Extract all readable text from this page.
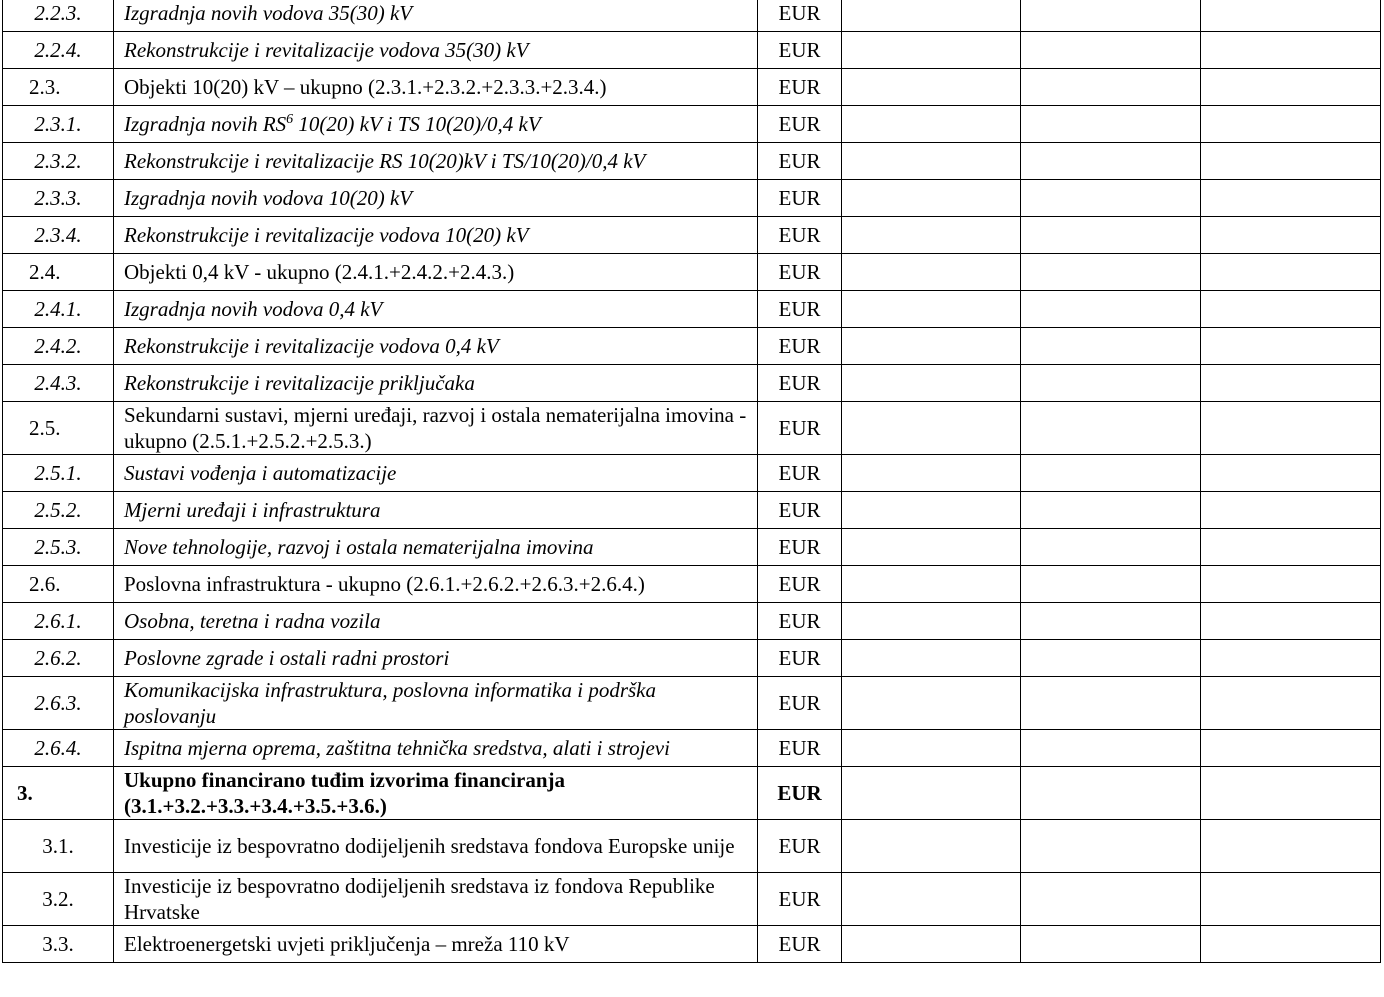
2.2.3.	Izgradnja novih vodova 35(30) kV	EUR			
2.2.4.	Rekonstrukcije i revitalizacije vodova 35(30) kV	EUR			
2.3.	Objekti 10(20) kV – ukupno (2.3.1.+2.3.2.+2.3.3.+2.3.4.)	EUR			
2.3.1.	Izgradnja novih $RS^6$ 10(20) kV i TS 10(20)/0,4 kV	EUR			
2.3.2.	Rekonstrukcije i revitalizacije RS 10(20)kV i TS/10(20)/0,4 kV	EUR			
2.3.3.	Izgradnja novih vodova 10(20) kV	EUR			
2.3.4.	Rekonstrukcije i revitalizacije vodova 10(20) kV	EUR			
2.4.	Objekti 0,4 kV - ukupno (2.4.1.+2.4.2.+2.4.3.)	EUR			
2.4.1.	Izgradnja novih vodova 0,4 kV	EUR			
2.4.2.	Rekonstrukcije i revitalizacije vodova 0,4 kV	EUR			
2.4.3.	Rekonstrukcije i revitalizacije priključaka	EUR			
2.5.	Sekundarni sustavi, mjerni uređaji, razvoj i ostala nematerijalna imovina - ukupno (2.5.1.+2.5.2.+2.5.3.)	EUR			
2.5.1.	Sustavi vođenja i automatizacije	EUR			
2.5.2.	Mjerni uređaji i infrastruktura	EUR			
2.5.3.	Nove tehnologije, razvoj i ostala nematerijalna imovina	EUR			
2.6.	Poslovna infrastruktura - ukupno (2.6.1.+2.6.2.+2.6.3.+2.6.4.)	EUR			
2.6.1.	Osobna, teretna i radna vozila	EUR			
2.6.2.	Poslovne zgrade i ostali radni prostori	EUR			
2.6.3.	Komunikacijska infrastruktura, poslovna informatika i podrška poslovanju	EUR			
2.6.4.	Ispitna mjerna oprema, zaštitna tehnička sredstva, alati i strojevi	EUR			
3.	Ukupno financirano tuđim izvorima financiranja (3.1.+3.2.+3.3.+3.4.+3.5.+3.6.)	EUR			
3.1.	Investicije iz bespovratno dodijeljenih sredstava fondova Europske unije	EUR			
3.2.	Investicije iz bespovratno dodijeljenih sredstava iz fondova Republike Hrvatske	EUR			
3.3.	Elektroenergetski uvjeti priključenja – mreža 110 kV	EUR			
